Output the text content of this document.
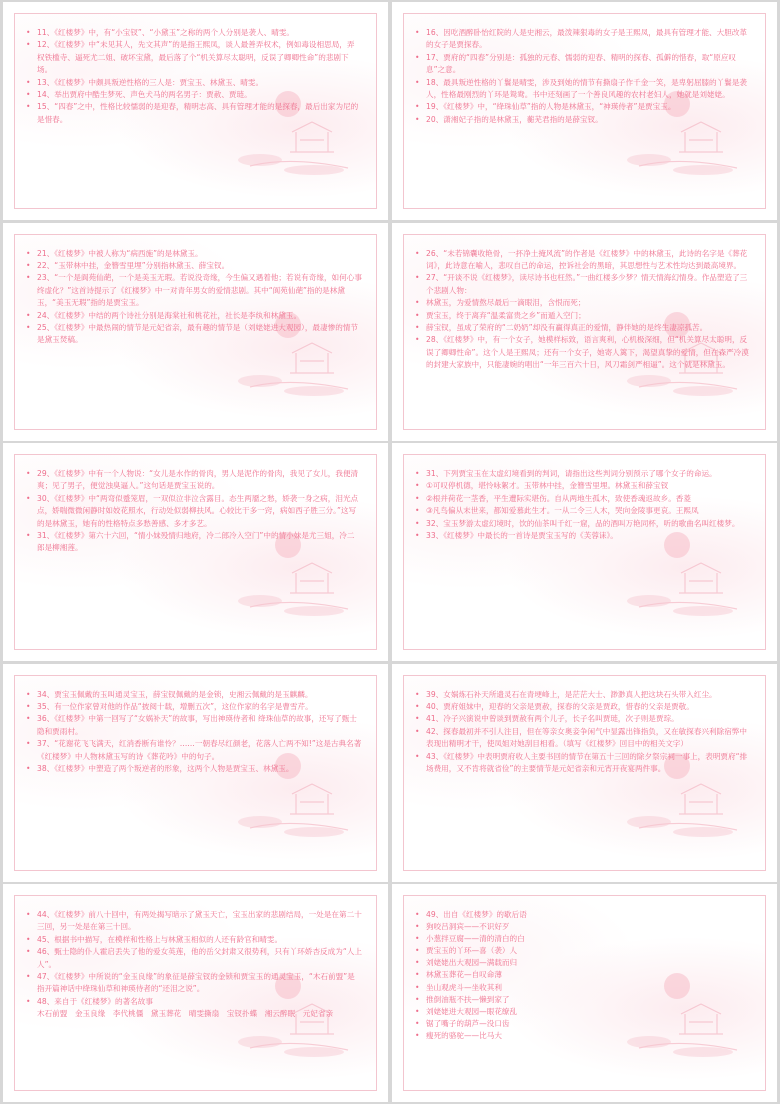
• 11、《红楼梦》中，有“小宝钗”、“小黛玉”之称的两个人分别是袭人、晴雯。
• 12、《红楼梦》中“未见其人，先文其声”的是指王熙凤，谈人最善弄权术，例如毒设相思局，弄权铁槛寺、逼死尤二姐、破坏宝黛，最后落了个“机关算尽太聪明，反误了卿卿性命”的悲剧下场。
• 13、《红楼梦》中颇具叛逆性格的三人是：贾宝玉、林黛玉、晴雯。
• 14、举出贾府中酷生梦死、声色犬马的两名男子：贾赦、贾琏。
• 15、“四春”之中，性格比较懦弱的是迎春，精明志高、具有管理才能的是探春，最后出家为尼的是惜春。
• 16、因吃酒醉卧怡红院的人是史湘云，最泼辣狠毒的女子是王熙凤，最具有管理才能、大胆改革的女子是贾探春。
• 17、贾府的“四春”分别是：孤独的元春、懦弱的迎春、精明的探春、孤僻的惜春，取“原应叹息”之意。
• 18、最具叛逆性格的丫鬟是晴雯，涉及到她的情节有撕扇子作千金一笑，是卑躬屈膝的丫鬟是袭人，性格最刚烈的丫环是鸳鸯。书中还刻画了一个善良风趣的农村老妇人，她就是刘姥姥。
• 19、《红楼梦》中，“绛珠仙草”指的人物是林黛玉，“神瑛侍者”是贾宝玉。
• 20、潇湘妃子指的是林黛玉，蘅芜君指的是薛宝钗。
• 21、《红楼梦》中被人称为“病西施”的是林黛玉。
• 22、“玉带林中挂，金簪雪里埋”分别指林黛玉、薛宝钗。
• 23、“一个是阆苑仙葩，一个是美玉无瑕。若说没奇缘，今生偏又遇着他；若说有奇缘，如何心事终虚化？”这首诗提示了《红楼梦》中一对青年男女的爱情悲剧。其中“阆苑仙葩”指的是林黛玉，“美玉无瑕”指的是贾宝玉。
• 24、《红楼梦》中结的两个诗社分别是海棠社和桃花社，社长是李纨和林黛玉。
• 25、《红楼梦》中最热闹的情节是元妃省亲，最有趣的情节是（刘姥姥进大观园），最凄惨的情节是黛玉焚稿。
• 26、“未若锦囊收艳骨，一抔净土掩风流”的作者是《红楼梦》中的林黛玉，此诗的名字是《葬花词》，此诗意在喻人，悲叹自己的命运，控诉社会的黑暗，其思想性与艺术性均达到最高境界。
• 27、“开谈不说《红楼梦》，读尽诗书也枉然。”一曲红楼多少梦？情天情海幻情身。作品塑造了三个悲剧人物：
• 林黛玉，为爱情熬尽最后一滴眼泪，含恨而死；
• 贾宝玉，终于离弃“温柔富贵之乡”而遁入空门；
• 薛宝钗，虽成了荣府的“二奶奶”却没有赢得真正的爱情，静伴她的是终生凄凉孤苦。
• 28、《红楼梦》中，有一个女子，她模样标致，语言爽利，心机极深细，但“机关算尽太聪明，反误了卿卿性命”。这个人是王熙凤；还有一个女子，她寄人篱下，渴望真挚的爱情，但在森严冷漠的封建大家族中，只能凄婉的唱出“一年三百六十日，风刀霜剑严相逼”。这个就是林黛玉。
• 29、《红楼梦》中有一个人物说：“女儿是水作的骨肉，男人是泥作的骨肉，我见了女儿，我便清爽；见了男子，便觉浊臭逼人。”这句话是贾宝玉说的。
• 30、《红楼梦》中“两弯似蹙笼眉，一双似泣非泣含露目。态生两靥之愁，娇袭一身之病，泪光点点，娇喘微微闲静时如姣花照水，行动处似弱柳扶风。心较比干多一窍，病如西子胜三分。”这写的是林黛玉，她有的性格特点多愁善感、多才多艺。
• 31、《红楼梦》第六十六回，“情小妹殁情归地府，冷二郎冷入空门”中的情小妹是尤三姐，冷二郎是柳湘莲。
• 31、下列贾宝玉在太虚幻境看到的判词，请指出这些判词分别预示了哪个女子的命运。
• ①可叹停机德，堪怜咏絮才。玉带林中挂，金簪雪里埋。林黛玉和薛宝钗
• ②根并荷花一茎香，平生遭际实堪伤。自从两地生孤木，致使香魂返故乡。香菱
• ③凡鸟偏从末世来，都知爱慕此生才。一从二令三人木，哭向金陵事更哀。王熙凤
• 32、宝玉梦游太虚幻境时，饮的仙茶叫千红一窟，品的酒叫万艳同杯，听的歌曲名叫红楼梦。
• 33、《红楼梦》中最长的一首诗是贾宝玉写的《芙蓉诔》。
• 34、贾宝玉佩戴的玉叫通灵宝玉，薛宝钗佩戴的是金锁，史湘云佩戴的是玉麒麟。
• 35、有一位作家曾对他的作品“披阅十载，增删五次”，这位作家的名字是曹雪芹。
• 36、《红楼梦》中第一回写了“女娲补天”的故事，写出神瑛侍者和 绛珠仙草的故事，还写了甄士隐和贾雨村。
• 37、“花谢花飞飞满天，红消香断有谁怜？……一朝春尽红颜老，花落人亡两不知!”这是古典名著《红楼梦》中人物林黛玉写的诗《葬花吟》中的句子。
• 38、《红楼梦》中塑造了两个叛逆者的形象，这两个人物是贾宝玉、林黛玉。
• 39、女娲炼石补天所遗灵石在青埂峰上，是茫茫大士、渺渺真人把这块石头带入红尘。
• 40、贾府姐妹中，迎春的父亲是贾赦，探春的父亲是贾政，惜春的父亲是贾敬。
• 41、冷子兴演说中曾谈到贾赦有两个儿子，长子名叫贾琏，次子则是贾琮。
• 42、探春最初并不引人注目，但在等亲女奥妾争闲气中显露出锋指负，又在敏探春兴利除宿弊中表现出精明才干，使凤姐对她刮目相看。（填写《红楼梦》回目中的相关文字）
• 43、《红楼梦》中表明贾府收人主要书回的情节在第五十三回的除夕祭宗祠一事上，表明贾府“排场费用，又不肯将就省俭”的主要情节是元妃省亲和元宵开夜宴两件事。
• 44、《红楼梦》前八十回中，有两处揭写暗示了黛玉天亡，宝玉出家的悲剧结局，一处是在第二十三回，另一处是在第三十回。
• 45、根据书中描写，在模样和性格上与林黛玉相似的人还有龄官和晴雯。
• 46、甄士隐的仆人霍启丢失了他的爱女英莲，他的岳父封肃又很势利，只有丫环娇杏反成为“人上人”。
• 47、《红楼梦》中所说的“金玉良缘”的象征是薛宝钗的金锁和贾宝玉的通灵宝玉，“木石前盟”是指开篇神话中绛珠仙草和神瑛侍者的“还泪之说”。
• 48、来自于《红楼梦》的著名故事
木石前盟　金玉良缘　李代桃僵　黛玉葬花　晴雯撕扇　宝钗扑蝶　湘云醉眠　元妃省亲
• 49、出自《红楼梦》的歇后语
• 狗咬吕洞宾——不识好歹
• 小葱拌豆腐——清的清白的白
• 贾宝玉的丫环—喜（袭）人
• 刘姥姥出大观园—满载而归
• 林黛玉葬花—自叹命薄
• 坐山观虎斗—坐收其利
• 推倒油瓶不扶—懒到家了
• 刘姥姥进大观园—眼花缭乱
• 锯了嘴子的葫芦—没口齿
• 瘦死的骆驼——比马大
